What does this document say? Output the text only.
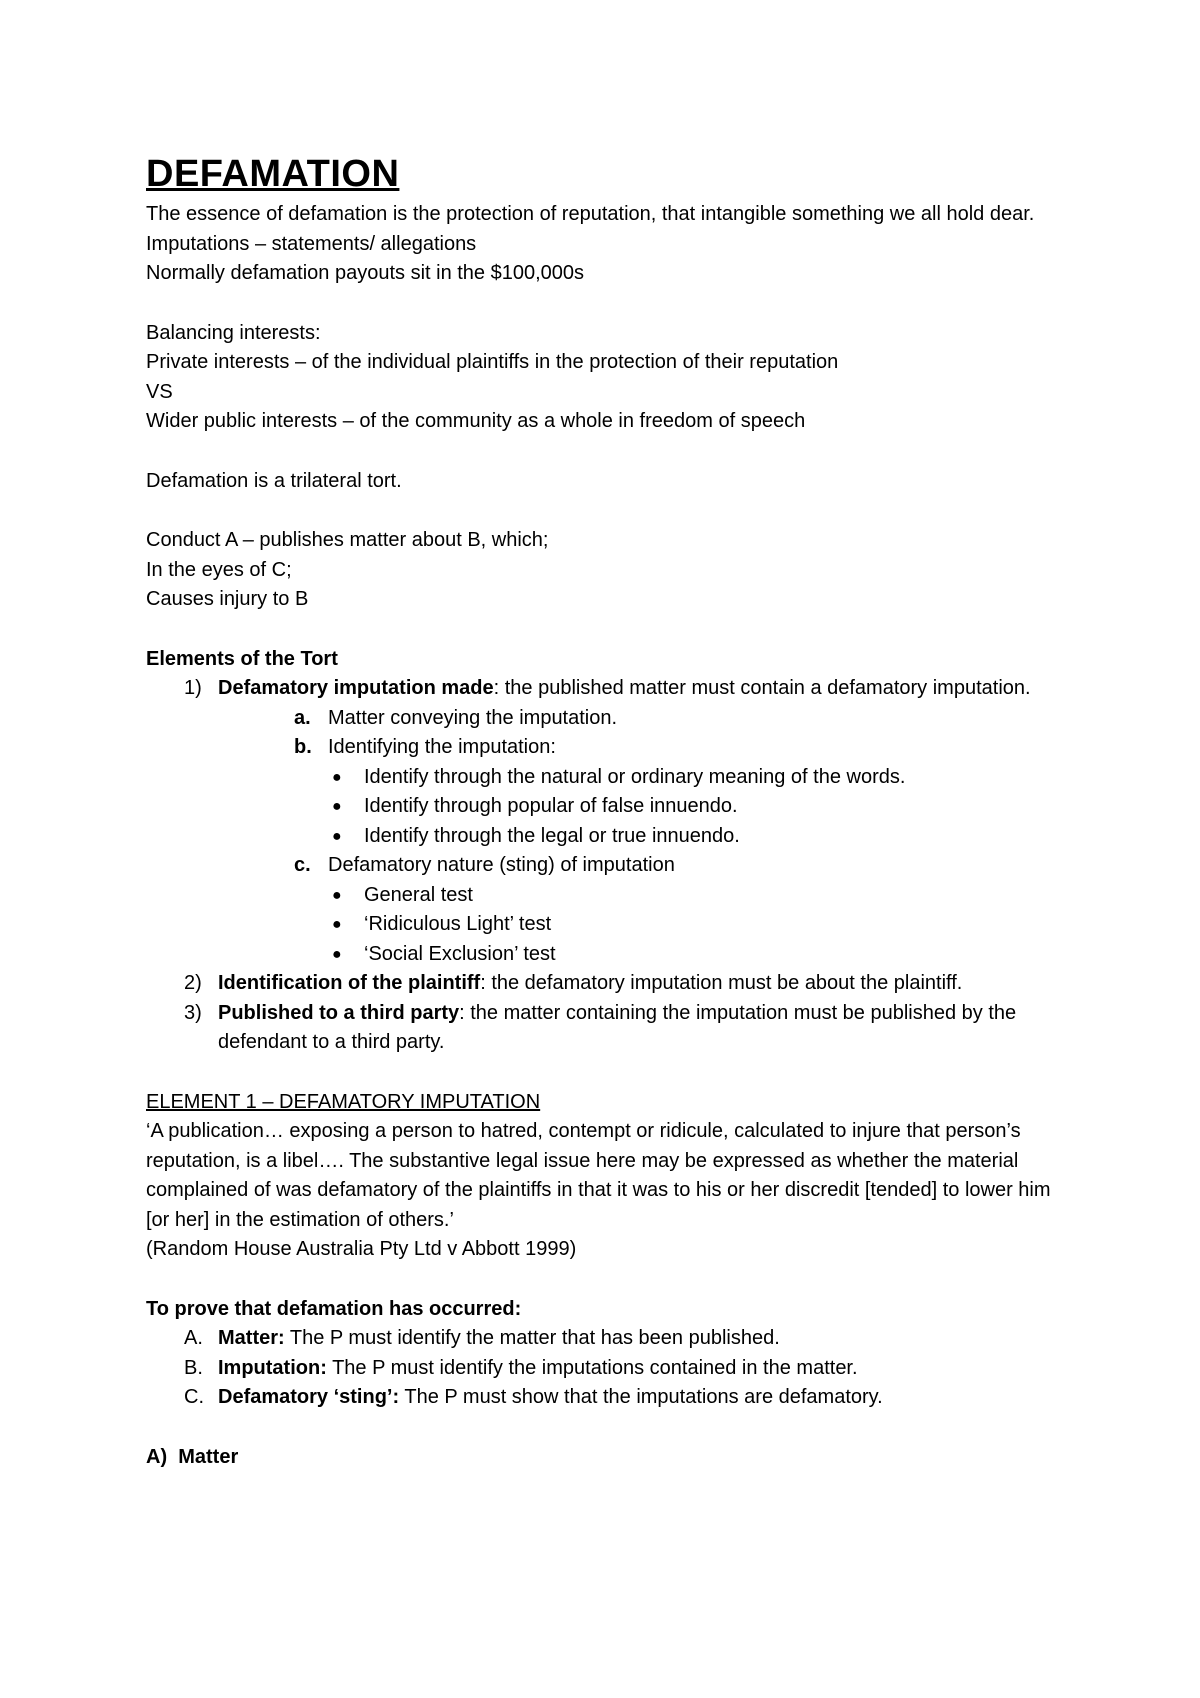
DEFAMATION

The essence of defamation is the protection of reputation, that intangible something we all hold dear.

Imputations – statements/ allegations

Normally defamation payouts sit in the $100,000s

Balancing interests:

Private interests – of the individual plaintiffs in the protection of their reputation

VS

Wider public interests – of the community as a whole in freedom of speech

Defamation is a trilateral tort.

Conduct A – publishes matter about B, which;

In the eyes of C;

Causes injury to B

Elements of the Tort

1) Defamatory imputation made: the published matter must contain a defamatory imputation.
a. Matter conveying the imputation.
b. Identifying the imputation:
● Identify through the natural or ordinary meaning of the words.
● Identify through popular of false innuendo.
● Identify through the legal or true innuendo.
c. Defamatory nature (sting) of imputation
● General test
● ‘Ridiculous Light’ test
● ‘Social Exclusion’ test
2) Identification of the plaintiff: the defamatory imputation must be about the plaintiff.
3) Published to a third party: the matter containing the imputation must be published by the defendant to a third party.

ELEMENT 1 – DEFAMATORY IMPUTATION

‘A publication… exposing a person to hatred, contempt or ridicule, calculated to injure that person’s reputation, is a libel…. The substantive legal issue here may be expressed as whether the material complained of was defamatory of the plaintiffs in that it was to his or her discredit [tended] to lower him [or her] in the estimation of others.’

(Random House Australia Pty Ltd v Abbott 1999)

To prove that defamation has occurred:

A. Matter: The P must identify the matter that has been published.
B. Imputation: The P must identify the imputations contained in the matter.
C. Defamatory ‘sting’: The P must show that the imputations are defamatory.

A) Matter
